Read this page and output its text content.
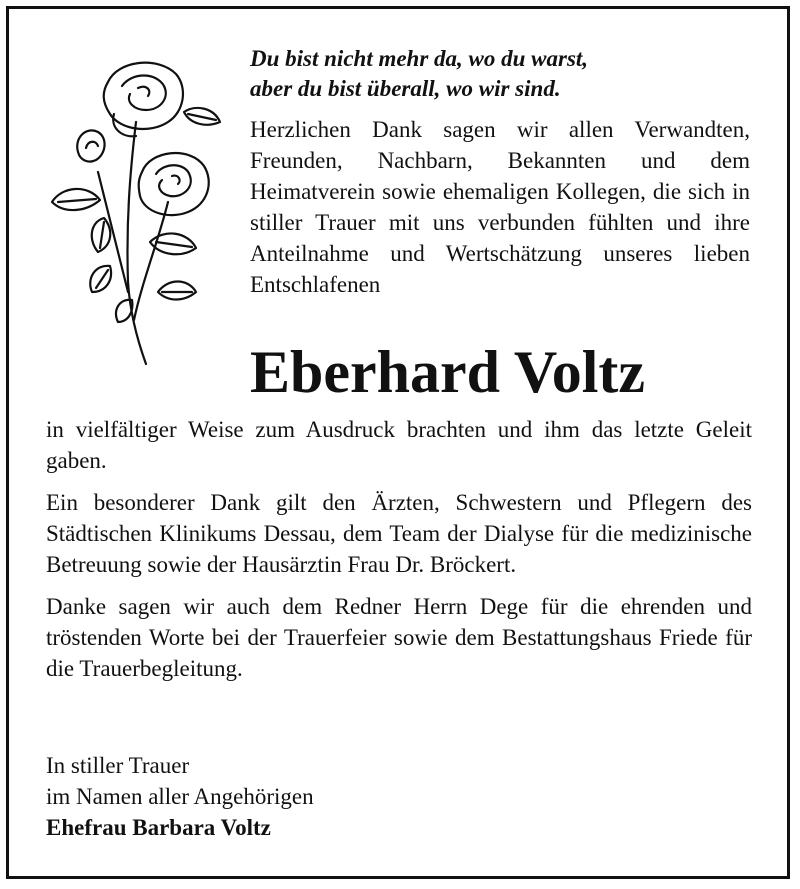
Du bist nicht mehr da, wo du warst,
aber du bist überall, wo wir sind.
Herzlichen Dank sagen wir allen Verwandten, Freunden, Nachbarn, Bekannten und dem Heimatverein sowie ehemaligen Kollegen, die sich in stiller Trauer mit uns verbunden fühlten und ihre Anteilnahme und Wertschätzung unseres lieben Entschlafenen
Eberhard Voltz

in vielfältiger Weise zum Ausdruck brachten und ihm das letzte Geleit gaben.

Ein besonderer Dank gilt den Ärzten, Schwestern und Pflegern des Städtischen Klinikums Dessau, dem Team der Dialyse für die medizinische Betreuung sowie der Hausärztin Frau Dr. Bröckert.

Danke sagen wir auch dem Redner Herrn Dege für die ehrenden und tröstenden Worte bei der Trauerfeier sowie dem Bestattungshaus Friede für die Trauerbegleitung.

In stiller Trauer
im Namen aller Angehörigen
Ehefrau Barbara Voltz
